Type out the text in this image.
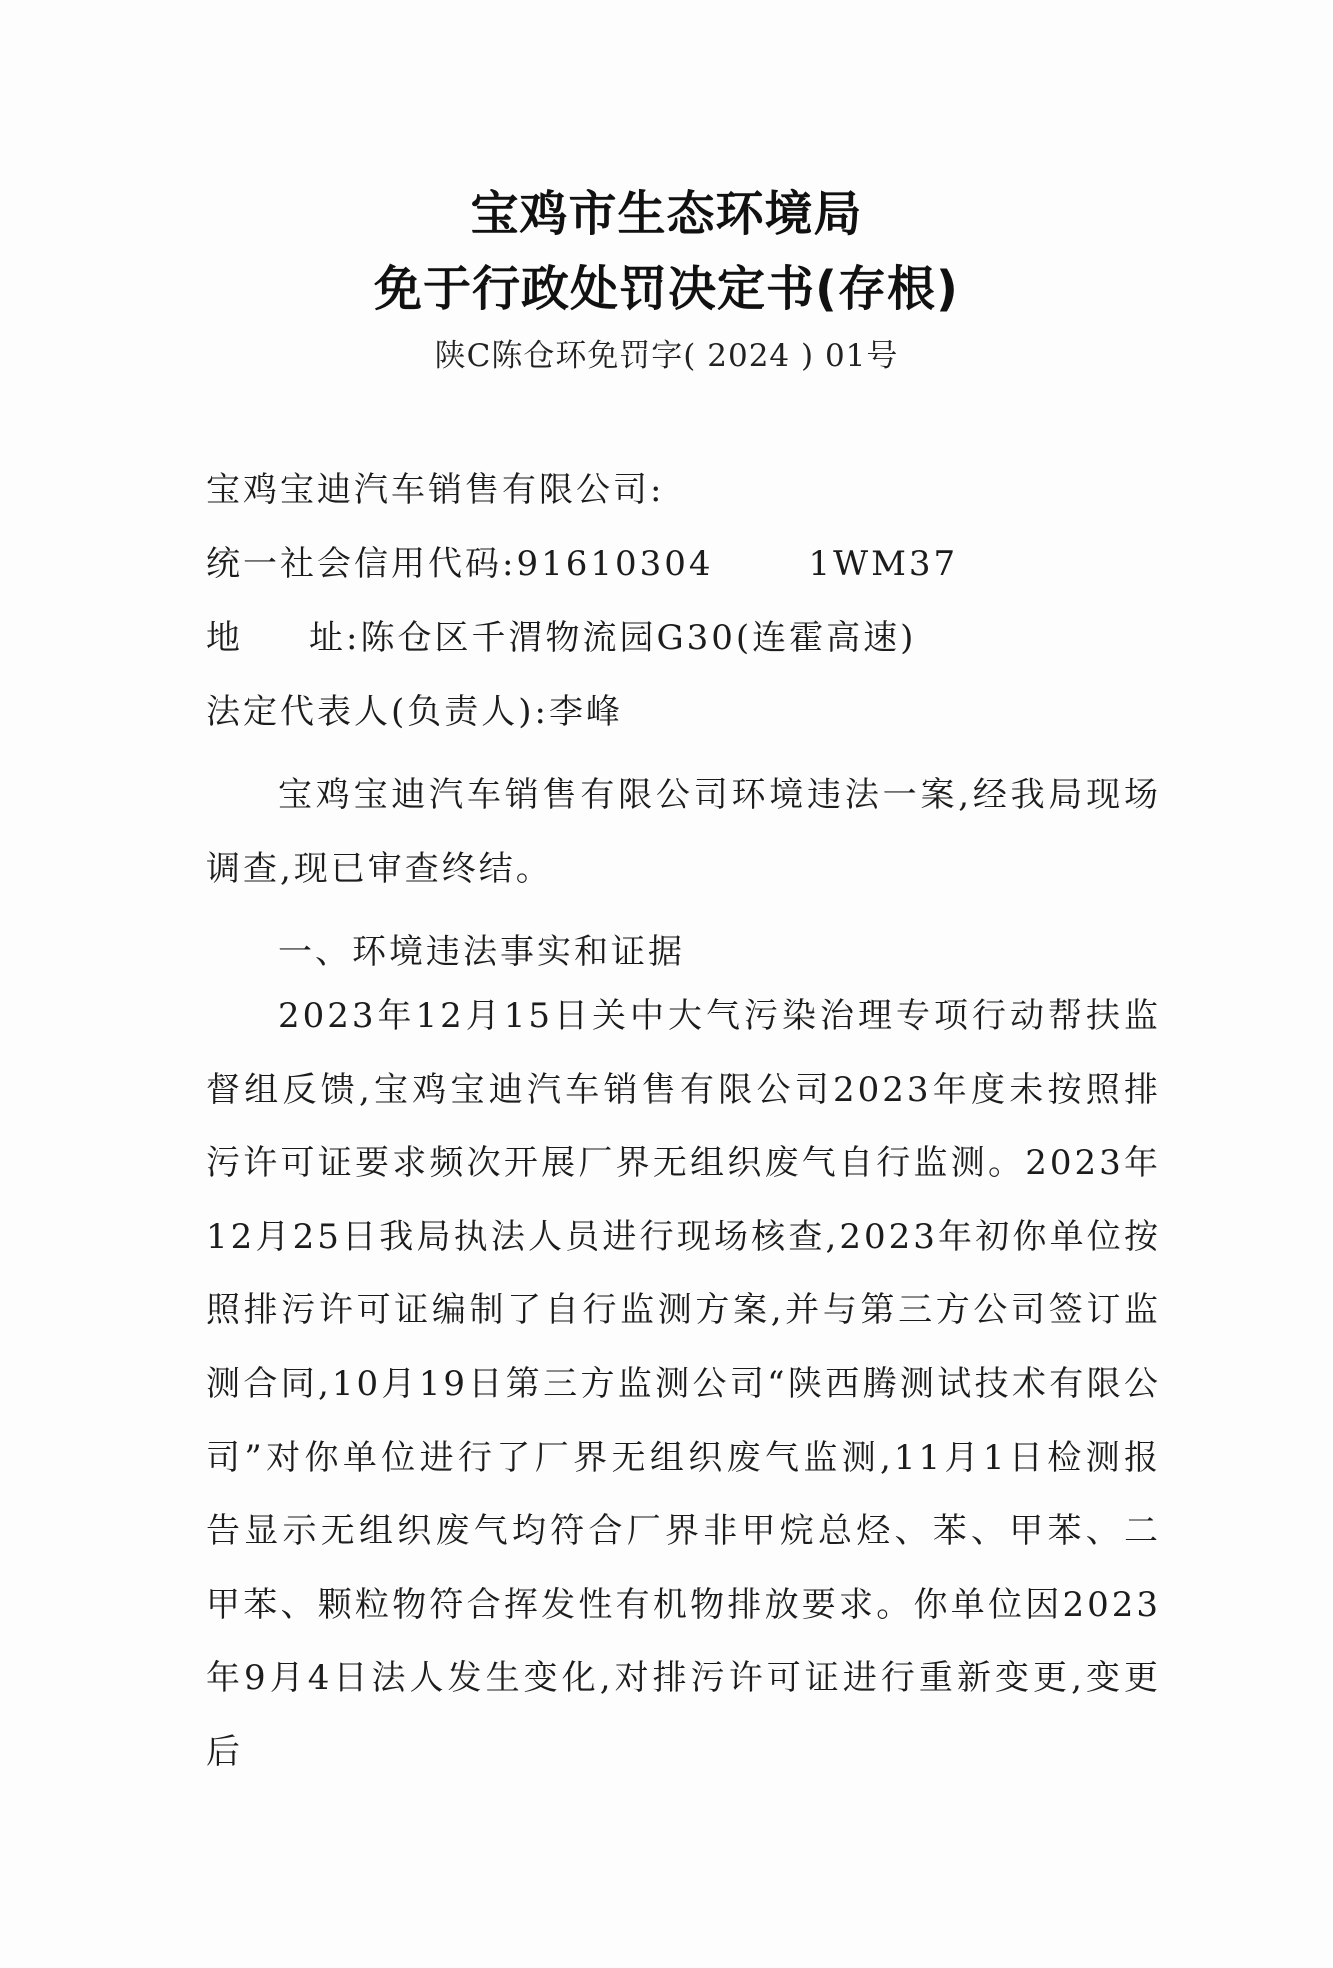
宝鸡市生态环境局
免于行政处罚决定书(存根)
陕C陈仓环免罚字( 2024 ) 01号
宝鸡宝迪汽车销售有限公司:
统一社会信用代码:91610304	1WM37
地 址:陈仓区千渭物流园G30(连霍高速)
法定代表人(负责人):李峰

宝鸡宝迪汽车销售有限公司环境违法一案,经我局现场调查,现已审查终结。

一、环境违法事实和证据

2023年12月15日关中大气污染治理专项行动帮扶监督组反馈,宝鸡宝迪汽车销售有限公司2023年度未按照排污许可证要求频次开展厂界无组织废气自行监测。2023年12月25日我局执法人员进行现场核查,2023年初你单位按照排污许可证编制了自行监测方案,并与第三方公司签订监测合同,10月19日第三方监测公司“陕西腾测试技术有限公司”对你单位进行了厂界无组织废气监测,11月1日检测报告显示无组织废气均符合厂界非甲烷总烃、苯、甲苯、二甲苯、颗粒物符合挥发性有机物排放要求。你单位因2023年9月4日法人发生变化,对排污许可证进行重新变更,变更后
